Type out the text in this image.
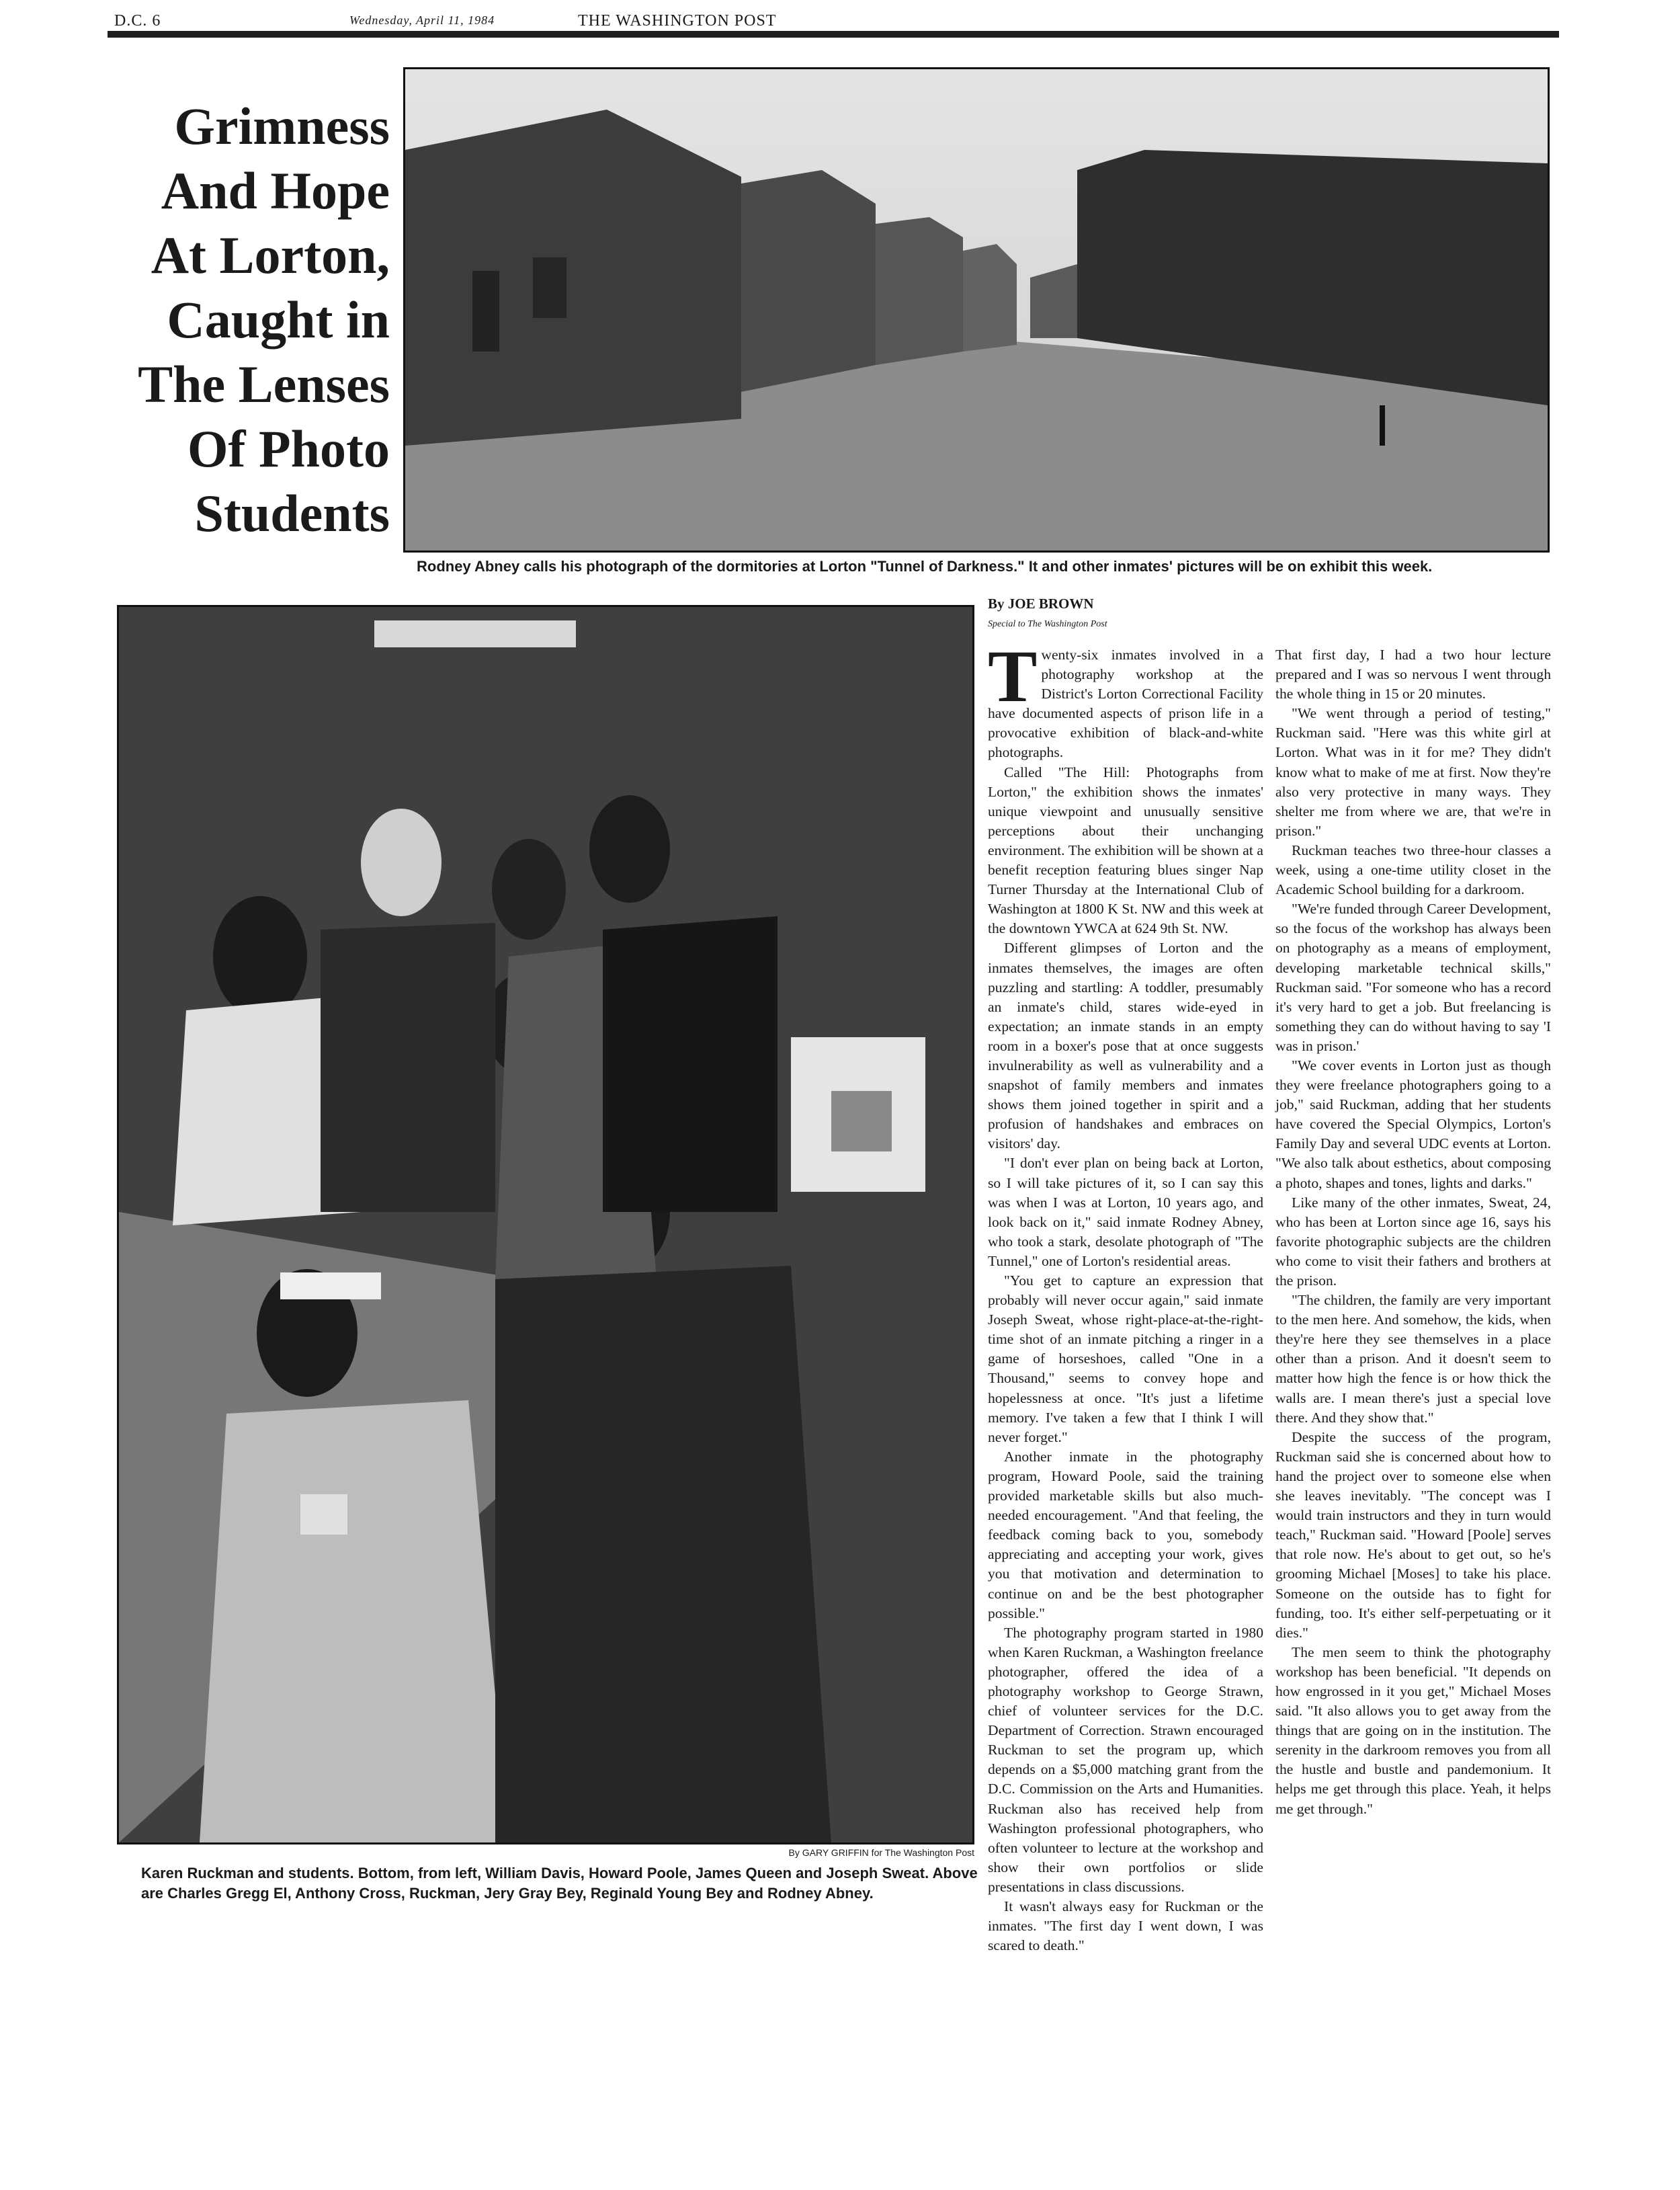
D.C. 6	Wednesday, April 11, 1984	THE WASHINGTON POST
Grimness And Hope At Lorton, Caught in The Lenses Of Photo Students
Rodney Abney calls his photograph of the dormitories at Lorton "Tunnel of Darkness." It and other inmates' pictures will be on exhibit this week.
By GARY GRIFFIN for The Washington Post
Karen Ruckman and students. Bottom, from left, William Davis, Howard Poole, James Queen and Joseph Sweat. Above are Charles Gregg El, Anthony Cross, Ruckman, Jery Gray Bey, Reginald Young Bey and Rodney Abney.
By JOE BROWN
Special to The Washington Post

Twenty-six inmates involved in a photography workshop at the District's Lorton Correctional Facility have documented aspects of prison life in a provocative exhibition of black-and-white photographs.

Called "The Hill: Photographs from Lorton," the exhibition shows the inmates' unique viewpoint and unusually sensitive perceptions about their unchanging environment. The exhibition will be shown at a benefit reception featuring blues singer Nap Turner Thursday at the International Club of Washington at 1800 K St. NW and this week at the downtown YWCA at 624 9th St. NW.

Different glimpses of Lorton and the inmates themselves, the images are often puzzling and startling: A toddler, presumably an inmate's child, stares wide-eyed in expectation; an inmate stands in an empty room in a boxer's pose that at once suggests invulnerability as well as vulnerability and a snapshot of family members and inmates shows them joined together in spirit and a profusion of handshakes and embraces on visitors' day.

"I don't ever plan on being back at Lorton, so I will take pictures of it, so I can say this was when I was at Lorton, 10 years ago, and look back on it," said inmate Rodney Abney, who took a stark, desolate photograph of "The Tunnel," one of Lorton's residential areas.

"You get to capture an expression that probably will never occur again," said inmate Joseph Sweat, whose right-place-at-the-right-time shot of an inmate pitching a ringer in a game of horseshoes, called "One in a Thousand," seems to convey hope and hopelessness at once. "It's just a lifetime memory. I've taken a few that I think I will never forget."

Another inmate in the photography program, Howard Poole, said the training provided marketable skills but also much-needed encouragement. "And that feeling, the feedback coming back to you, somebody appreciating and accepting your work, gives you that motivation and determination to continue on and be the best photographer possible."

The photography program started in 1980 when Karen Ruckman, a Washington freelance photographer, offered the idea of a photography workshop to George Strawn, chief of volunteer services for the D.C. Department of Correction. Strawn encouraged Ruckman to set the program up, which depends on a $5,000 matching grant from the D.C. Commission on the Arts and Humanities. Ruckman also has received help from Washington professional photographers, who often volunteer to lecture at the workshop and show their own portfolios or slide presentations in class discussions.

It wasn't always easy for Ruckman or the inmates. "The first day I went down, I was scared to death."

That first day, I had a two hour lecture prepared and I was so nervous I went through the whole thing in 15 or 20 minutes.

"We went through a period of testing," Ruckman said. "Here was this white girl at Lorton. What was in it for me? They didn't know what to make of me at first. Now they're also very protective in many ways. They shelter me from where we are, that we're in prison."

Ruckman teaches two three-hour classes a week, using a one-time utility closet in the Academic School building for a darkroom.

"We're funded through Career Development, so the focus of the workshop has always been on photography as a means of employment, developing marketable technical skills," Ruckman said. "For someone who has a record it's very hard to get a job. But freelancing is something they can do without having to say 'I was in prison.'

"We cover events in Lorton just as though they were freelance photographers going to a job," said Ruckman, adding that her students have covered the Special Olympics, Lorton's Family Day and several UDC events at Lorton. "We also talk about esthetics, about composing a photo, shapes and tones, lights and darks."

Like many of the other inmates, Sweat, 24, who has been at Lorton since age 16, says his favorite photographic subjects are the children who come to visit their fathers and brothers at the prison.

"The children, the family are very important to the men here. And somehow, the kids, when they're here they see themselves in a place other than a prison. And it doesn't seem to matter how high the fence is or how thick the walls are. I mean there's just a special love there. And they show that."

Despite the success of the program, Ruckman said she is concerned about how to hand the project over to someone else when she leaves inevitably. "The concept was I would train instructors and they in turn would teach," Ruckman said. "Howard [Poole] serves that role now. He's about to get out, so he's grooming Michael [Moses] to take his place. Someone on the outside has to fight for funding, too. It's either self-perpetuating or it dies."

The men seem to think the photography workshop has been beneficial. "It depends on how engrossed in it you get," Michael Moses said. "It also allows you to get away from the things that are going on in the institution. The serenity in the darkroom removes you from all the hustle and bustle and pandemonium. It helps me get through this place. Yeah, it helps me get through."
